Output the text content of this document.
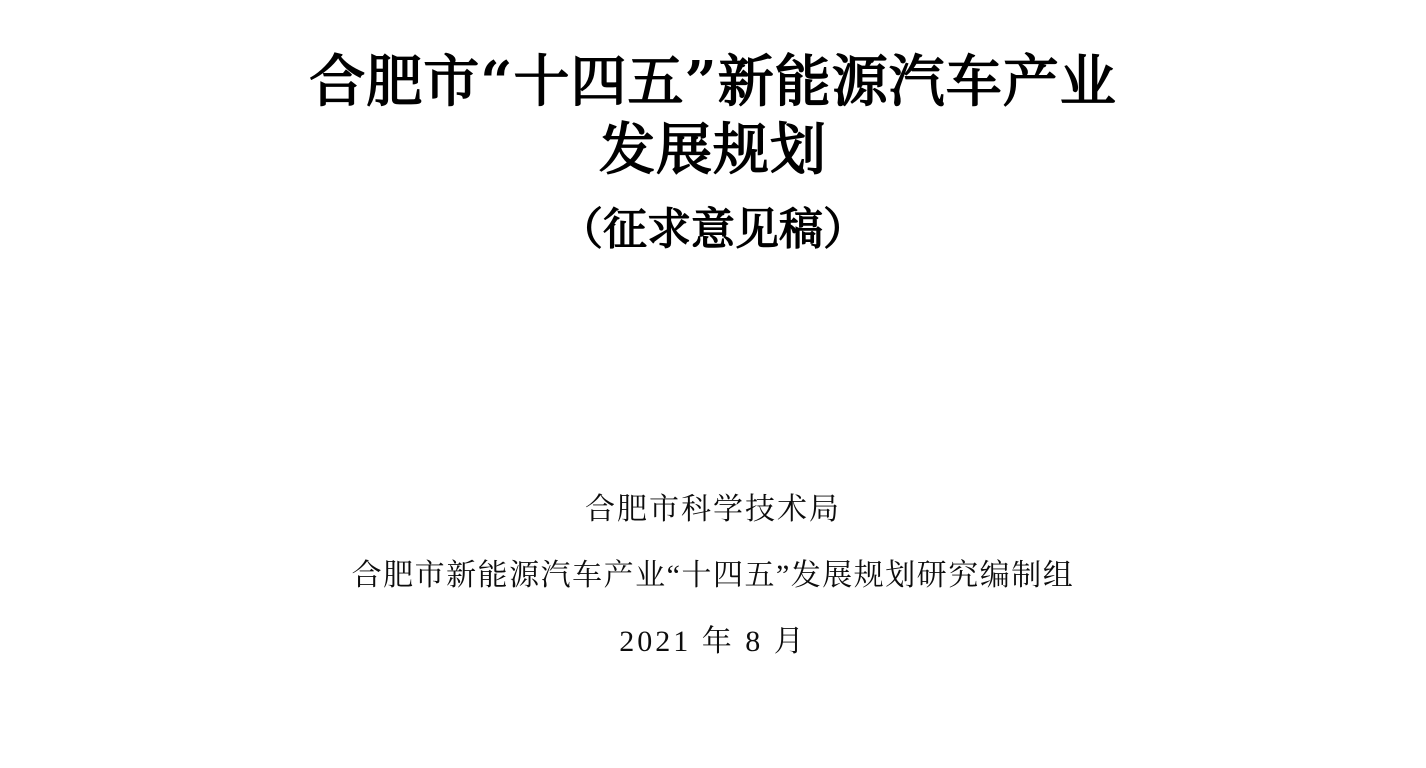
合肥市“十四五”新能源汽车产业
发展规划
（征求意见稿）
合肥市科学技术局
合肥市新能源汽车产业“十四五”发展规划研究编制组
2021 年 8 月
